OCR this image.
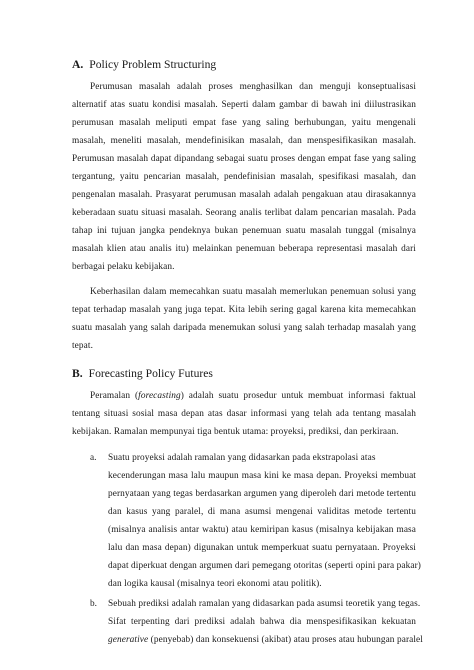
A. Policy Problem Structuring
Perumusan masalah adalah proses menghasilkan dan menguji konseptualisasi
alternatif atas suatu kondisi masalah. Seperti dalam gambar di bawah ini diilustrasikan
perumusan masalah meliputi empat fase yang saling berhubungan, yaitu mengenali
masalah, meneliti masalah, mendefinisikan masalah, dan menspesifikasikan masalah.
Perumusan masalah dapat dipandang sebagai suatu proses dengan empat fase yang saling
tergantung, yaitu pencarian masalah, pendefinisian masalah, spesifikasi masalah, dan
pengenalan masalah. Prasyarat perumusan masalah adalah pengakuan atau dirasakannya
keberadaan suatu situasi masalah. Seorang analis terlibat dalam pencarian masalah. Pada
tahap ini tujuan jangka pendeknya bukan penemuan suatu masalah tunggal (misalnya
masalah klien atau analis itu) melainkan penemuan beberapa representasi masalah dari
berbagai pelaku kebijakan.
Keberhasilan dalam memecahkan suatu masalah memerlukan penemuan solusi yang
tepat terhadap masalah yang juga tepat. Kita lebih sering gagal karena kita memecahkan
suatu masalah yang salah daripada menemukan solusi yang salah terhadap masalah yang
tepat.
B. Forecasting Policy Futures
Peramalan (forecasting) adalah suatu prosedur untuk membuat informasi faktual
tentang situasi sosial masa depan atas dasar informasi yang telah ada tentang masalah
kebijakan. Ramalan mempunyai tiga bentuk utama: proyeksi, prediksi, dan perkiraan.
a. Suatu proyeksi adalah ramalan yang didasarkan pada ekstrapolasi atas
kecenderungan masa lalu maupun masa kini ke masa depan. Proyeksi membuat
pernyataan yang tegas berdasarkan argumen yang diperoleh dari metode tertentu
dan kasus yang paralel, di mana asumsi mengenai validitas metode tertentu
(misalnya analisis antar waktu) atau kemiripan kasus (misalnya kebijakan masa
lalu dan masa depan) digunakan untuk memperkuat suatu pernyataan. Proyeksi
dapat diperkuat dengan argumen dari pemegang otoritas (seperti opini para pakar)
dan logika kausal (misalnya teori ekonomi atau politik).
b. Sebuah prediksi adalah ramalan yang didasarkan pada asumsi teoretik yang tegas.
Sifat terpenting dari prediksi adalah bahwa dia menspesifikasikan kekuatan
generative (penyebab) dan konsekuensi (akibat) atau proses atau hubungan paralel
